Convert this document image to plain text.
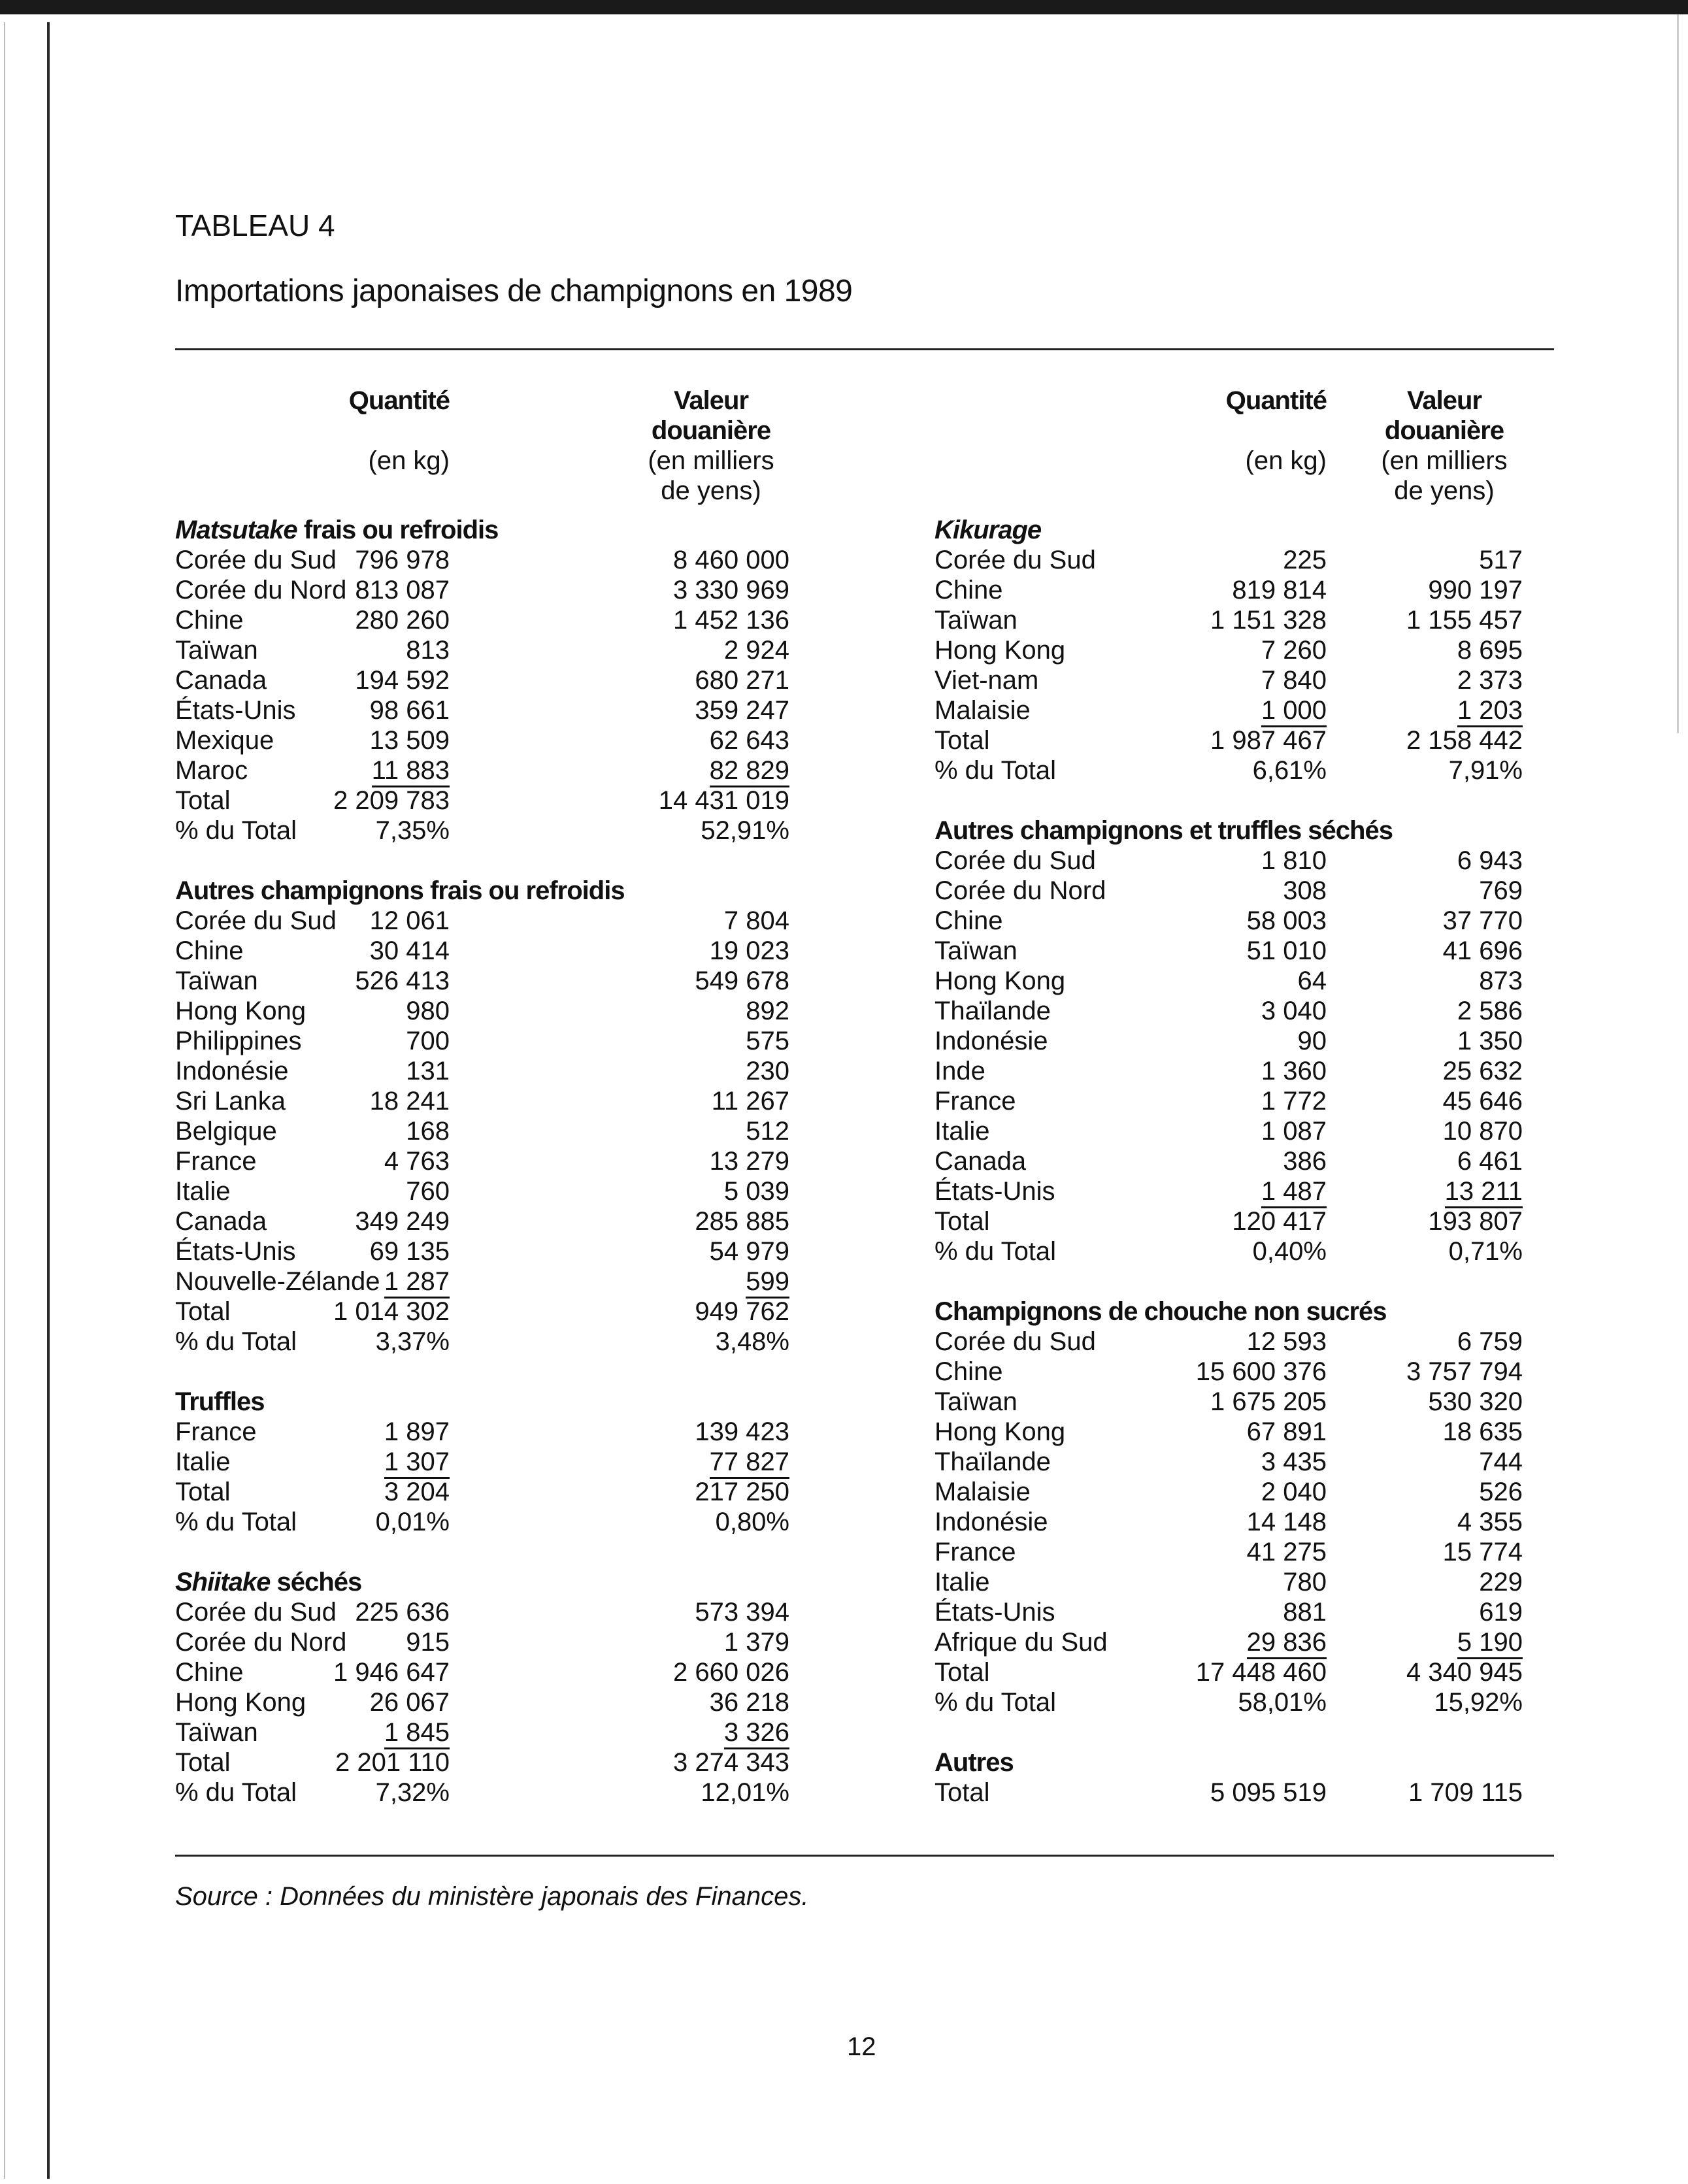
TABLEAU 4
Importations japonaises de champignons en 1989
Quantité
(en kg)
Valeur
douanière
(en milliers
de yens)
Matsutake frais ou refroidis
Corée du Sud 796 978	8 460 000
Corée du Nord 813 087	3 330 969
Chine	280 260	1 452 136
Taïwan	813	2 924
Canada	194 592	680 271
États-Unis	98 661	359 247
Mexique	13 509	62 643
Maroc	11 883	82 829
Total	2 209 783	14 431 019
% du Total	7,35%	52,91%
Autres champignons frais ou refroidis
Corée du Sud 12 061	7 804
Chine	30 414	19 023
Taïwan	526 413	549 678
Hong Kong	980	892
Philippines	700	575
Indonésie	131	230
Sri Lanka	18 241	11 267
Belgique	168	512
France	4 763	13 279
Italie	760	5 039
Canada	349 249	285 885
États-Unis	69 135	54 979
Nouvelle-Zélande 1 287	599
Total	1 014 302	949 762
% du Total	3,37%	3,48%
Truffles
France	1 897	139 423
Italie	1 307	77 827
Total	3 204	217 250
% du Total	0,01%	0,80%
Shiitake séchés
Corée du Sud 225 636	573 394
Corée du Nord 915	1 379
Chine	1 946 647	2 660 026
Hong Kong 26 067	36 218
Taïwan	1 845	3 326
Total	2 201 110	3 274 343
% du Total	7,32%	12,01%
Quantité
(en kg)
Valeur
douanière
(en milliers
de yens)
Kikurage
Corée du Sud	225	517
Chine	819 814	990 197
Taïwan	1 151 328	1 155 457
Hong Kong	7 260	8 695
Viet-nam	7 840	2 373
Malaisie	1 000	1 203
Total	1 987 467	2 158 442
% du Total	6,61%	7,91%
Autres champignons et truffles séchés
Corée du Sud	1 810	6 943
Corée du Nord	308	769
Chine	58 003	37 770
Taïwan	51 010	41 696
Hong Kong	64	873
Thaïlande	3 040	2 586
Indonésie	90	1 350
Inde	1 360	25 632
France	1 772	45 646
Italie	1 087	10 870
Canada	386	6 461
États-Unis	1 487	13 211
Total	120 417	193 807
% du Total	0,40%	0,71%
Champignons de chouche non sucrés
Corée du Sud	12 593	6 759
Chine	15 600 376	3 757 794
Taïwan	1 675 205	530 320
Hong Kong	67 891	18 635
Thaïlande	3 435	744
Malaisie	2 040	526
Indonésie	14 148	4 355
France	41 275	15 774
Italie	780	229
États-Unis	881	619
Afrique du Sud	29 836	5 190
Total	17 448 460	4 340 945
% du Total	58,01%	15,92%
Autres
Total	5 095 519	1 709 115
Source : Données du ministère japonais des Finances.
12
